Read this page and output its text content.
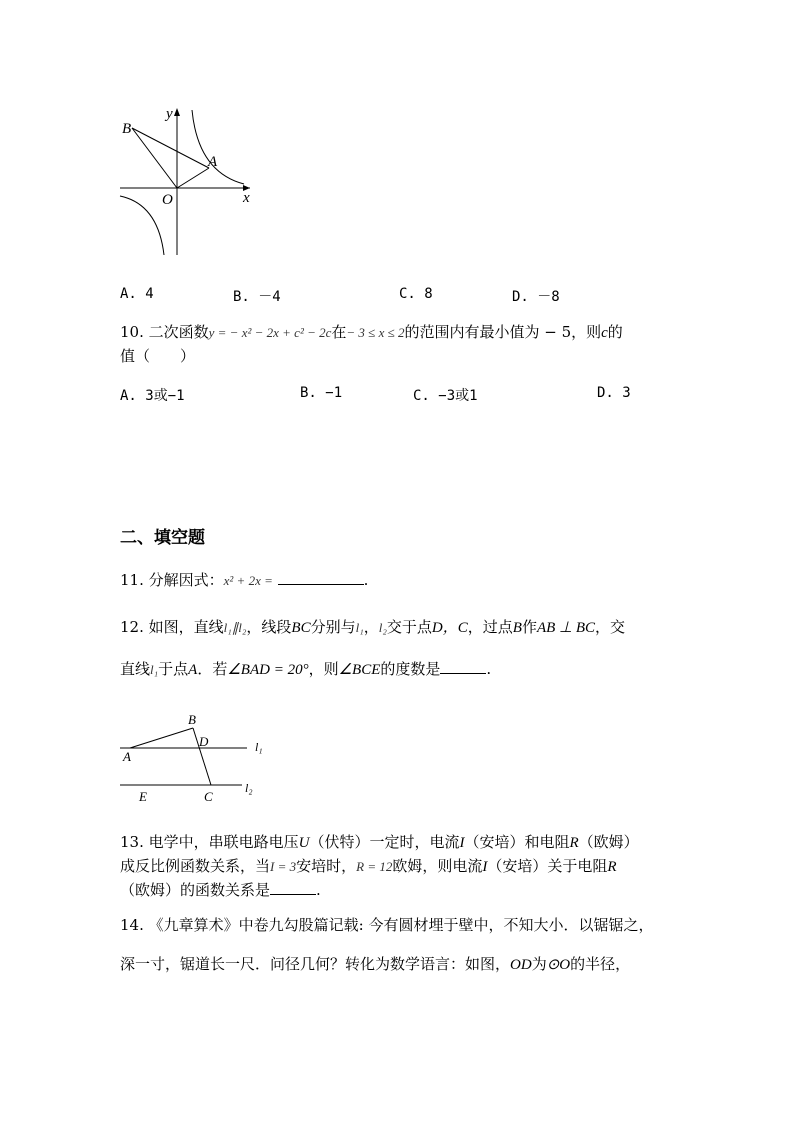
y
x
O
A
B
A. 4	B. －4	C. 8	D. －8
10. 二次函数y = − x² − 2x + c² − 2c在− 3 ≤ x ≤ 2的范围内有最小值为 − 5，则c的
值（　　）
A. 3或−1	B. −1	C. −3或1	D. 3
二、填空题
11. 分解因式：x² + 2x =	.
12. 如图，直线l₁∥l₂，线段BC分别与l₁，l₂交于点D，C，过点B作AB ⊥ BC，交
直线l₁于点A．若∠BAD = 20°，则∠BCE的度数是	.
B
D
A
l₁
E	C
l₂
13. 电学中，串联电路电压U（伏特）一定时，电流I（安培）和电阻R（欧姆）
成反比例函数关系，当I = 3安培时，R = 12欧姆，则电流I（安培）关于电阻R
（欧姆）的函数关系是	.
14. 《九章算术》中卷九勾股篇记载: 今有圆材埋于壁中，不知大小．以锯锯之，
深一寸，锯道长一尺．问径几何？转化为数学语言：如图，OD为⊙O的半径，
